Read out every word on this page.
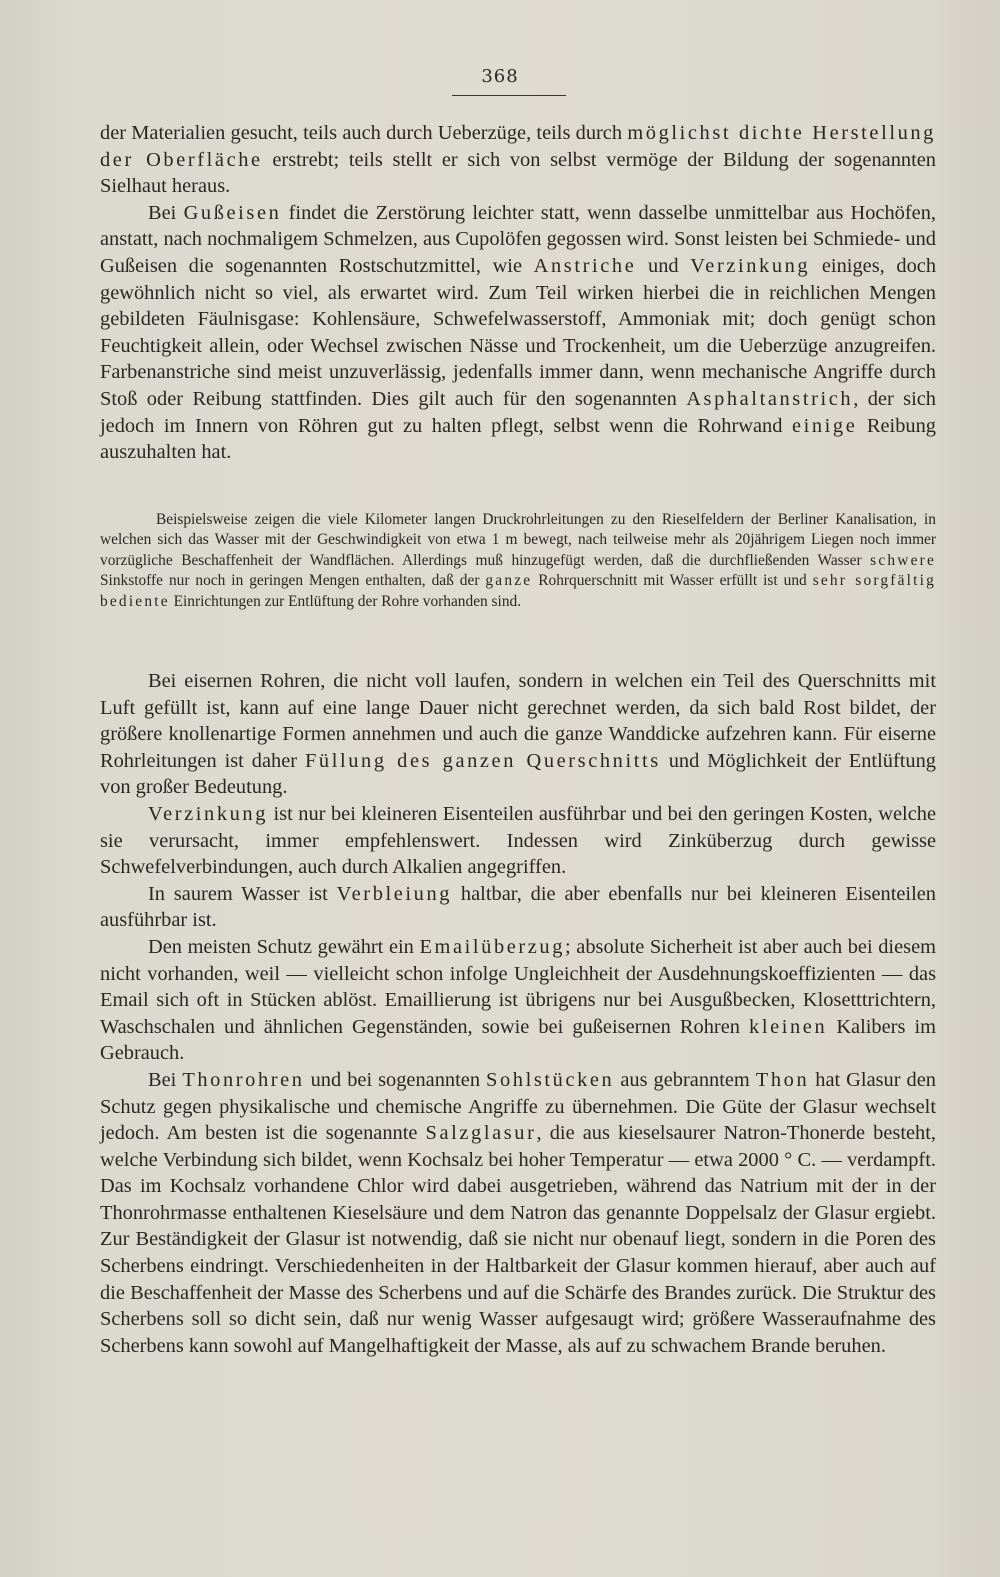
368

der Materialien gesucht, teils auch durch Ueberzüge, teils durch möglichst dichte Herstellung der Oberfläche erstrebt; teils stellt er sich von selbst vermöge der Bildung der sogenannten Sielhaut heraus.

Bei Gußeisen findet die Zerstörung leichter statt, wenn dasselbe unmittelbar aus Hochöfen, anstatt, nach nochmaligem Schmelzen, aus Cupolöfen gegossen wird. Sonst leisten bei Schmiede- und Gußeisen die sogenannten Rostschutzmittel, wie Anstriche und Verzinkung einiges, doch gewöhnlich nicht so viel, als erwartet wird. Zum Teil wirken hierbei die in reichlichen Mengen gebildeten Fäulnisgase: Kohlensäure, Schwefelwasserstoff, Ammoniak mit; doch genügt schon Feuchtigkeit allein, oder Wechsel zwischen Nässe und Trockenheit, um die Ueberzüge anzugreifen. Farbenanstriche sind meist unzuverlässig, jedenfalls immer dann, wenn mechanische Angriffe durch Stoß oder Reibung stattfinden. Dies gilt auch für den sogenannten Asphaltanstrich, der sich jedoch im Innern von Röhren gut zu halten pflegt, selbst wenn die Rohrwand einige Reibung auszuhalten hat.

Beispielsweise zeigen die viele Kilometer langen Druckrohrleitungen zu den Rieselfeldern der Berliner Kanalisation, in welchen sich das Wasser mit der Geschwindigkeit von etwa 1 m bewegt, nach teilweise mehr als 20jährigem Liegen noch immer vorzügliche Beschaffenheit der Wandflächen. Allerdings muß hinzugefügt werden, daß die durchfließenden Wasser schwere Sinkstoffe nur noch in geringen Mengen enthalten, daß der ganze Rohrquerschnitt mit Wasser erfüllt ist und sehr sorgfältig bediente Einrichtungen zur Entlüftung der Rohre vorhanden sind.

Bei eisernen Rohren, die nicht voll laufen, sondern in welchen ein Teil des Querschnitts mit Luft gefüllt ist, kann auf eine lange Dauer nicht gerechnet werden, da sich bald Rost bildet, der größere knollenartige Formen annehmen und auch die ganze Wanddicke aufzehren kann. Für eiserne Rohrleitungen ist daher Füllung des ganzen Querschnitts und Möglichkeit der Entlüftung von großer Bedeutung.

Verzinkung ist nur bei kleineren Eisenteilen ausführbar und bei den geringen Kosten, welche sie verursacht, immer empfehlenswert. Indessen wird Zinküberzug durch gewisse Schwefelverbindungen, auch durch Alkalien angegriffen.

In saurem Wasser ist Verbleiung haltbar, die aber ebenfalls nur bei kleineren Eisenteilen ausführbar ist.

Den meisten Schutz gewährt ein Emailüberzug; absolute Sicherheit ist aber auch bei diesem nicht vorhanden, weil — vielleicht schon infolge Ungleichheit der Ausdehnungskoeffizienten — das Email sich oft in Stücken ablöst. Emaillierung ist übrigens nur bei Ausgußbecken, Klosetttrichtern, Waschschalen und ähnlichen Gegenständen, sowie bei gußeisernen Rohren kleinen Kalibers im Gebrauch.

Bei Thonrohren und bei sogenannten Sohlstücken aus gebranntem Thon hat Glasur den Schutz gegen physikalische und chemische Angriffe zu übernehmen. Die Güte der Glasur wechselt jedoch. Am besten ist die sogenannte Salzglasur, die aus kieselsaurer Natron-Thonerde besteht, welche Verbindung sich bildet, wenn Kochsalz bei hoher Temperatur — etwa 2000 ° C. — verdampft. Das im Kochsalz vorhandene Chlor wird dabei ausgetrieben, während das Natrium mit der in der Thonrohrmasse enthaltenen Kieselsäure und dem Natron das genannte Doppelsalz der Glasur ergiebt. Zur Beständigkeit der Glasur ist notwendig, daß sie nicht nur obenauf liegt, sondern in die Poren des Scherbens eindringt. Verschiedenheiten in der Haltbarkeit der Glasur kommen hierauf, aber auch auf die Beschaffenheit der Masse des Scherbens und auf die Schärfe des Brandes zurück. Die Struktur des Scherbens soll so dicht sein, daß nur wenig Wasser aufgesaugt wird; größere Wasseraufnahme des Scherbens kann sowohl auf Mangelhaftigkeit der Masse, als auf zu schwachem Brande beruhen.
